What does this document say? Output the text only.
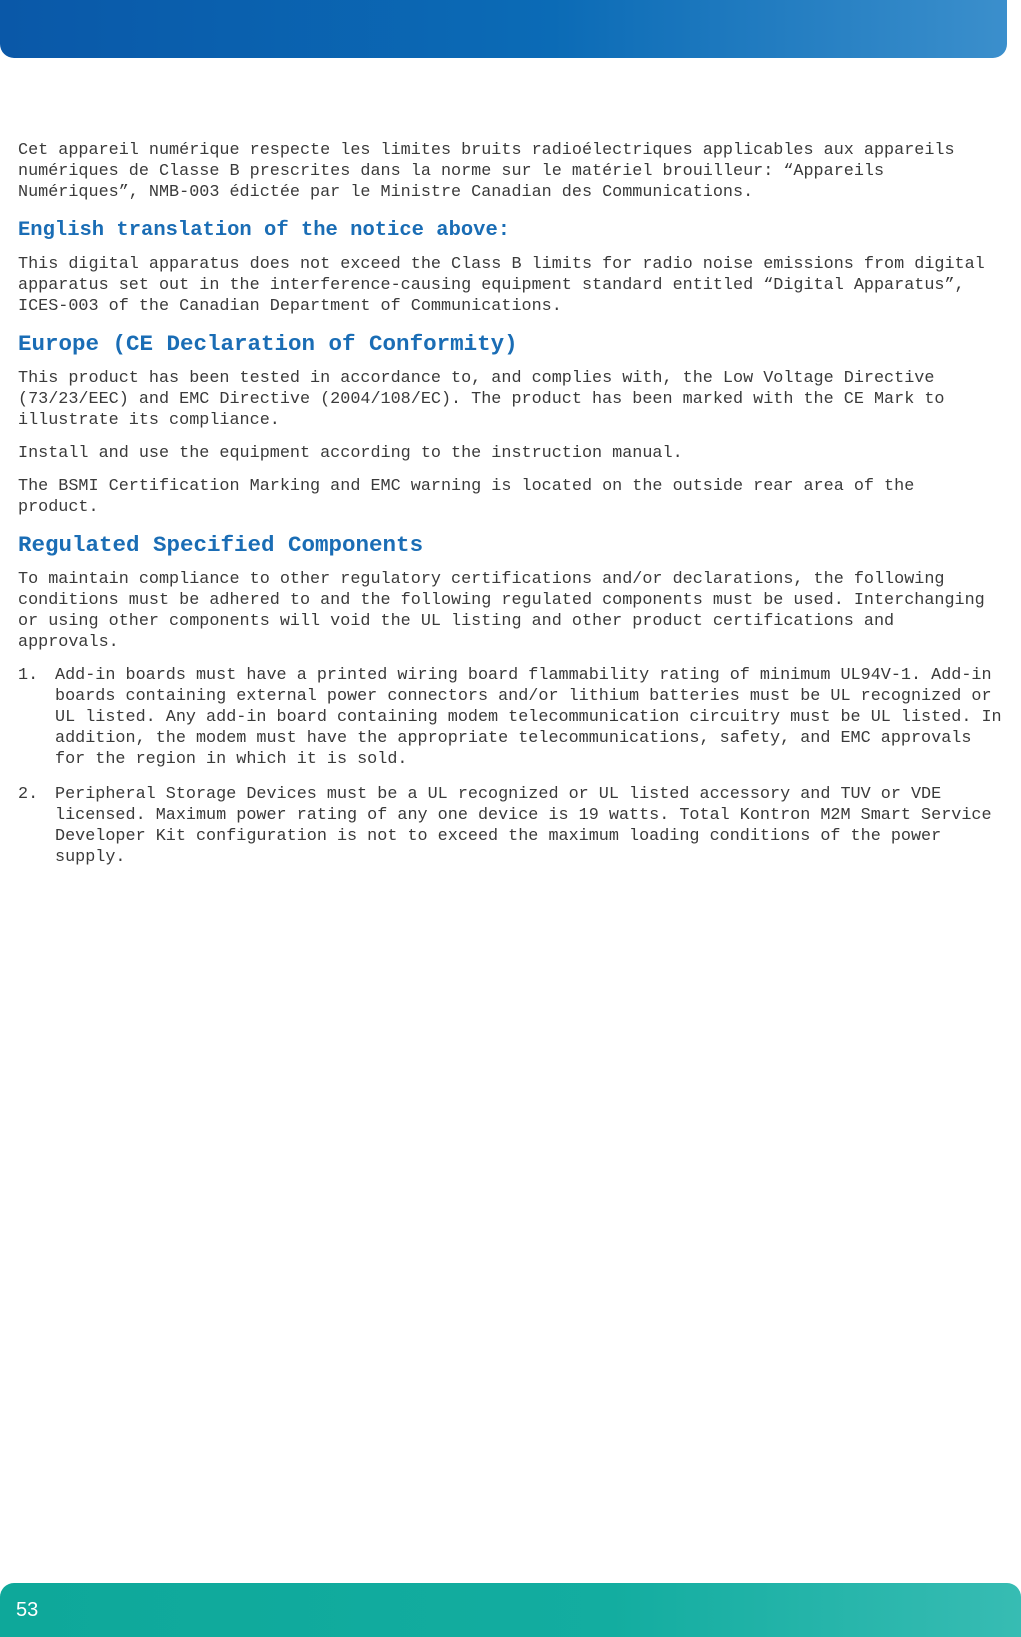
Cet appareil numérique respecte les limites bruits radioélectriques applicables aux appareils numériques de Classe B prescrites dans la norme sur le matériel brouilleur: “Appareils Numériques”, NMB-003 édictée par le Ministre Canadian des Communications.

English translation of the notice above:

This digital apparatus does not exceed the Class B limits for radio noise emissions from digital apparatus set out in the interference-causing equipment standard entitled “Digital Apparatus”, ICES-003 of the Canadian Department of Communications.

Europe (CE Declaration of Conformity)

This product has been tested in accordance to, and complies with, the Low Voltage Directive (73/23/EEC) and EMC Directive (2004/108/EC). The product has been marked with the CE Mark to illustrate its compliance.

Install and use the equipment according to the instruction manual.

The BSMI Certification Marking and EMC warning is located on the outside rear area of the product.

Regulated Specified Components

To maintain compliance to other regulatory certifications and/or declarations, the following conditions must be adhered to and the following regulated components must be used. Interchanging or using other components will void the UL listing and other product certifications and approvals.

1. Add-in boards must have a printed wiring board flammability rating of minimum UL94V-1. Add-in boards containing external power connectors and/or lithium batteries must be UL recognized or UL listed. Any add-in board containing modem telecommunication circuitry must be UL listed. In addition, the modem must have the appropriate telecommunications, safety, and EMC approvals for the region in which it is sold.
2. Peripheral Storage Devices must be a UL recognized or UL listed accessory and TUV or VDE licensed. Maximum power rating of any one device is 19 watts. Total Kontron M2M Smart Service Developer Kit configuration is not to exceed the maximum loading conditions of the power supply.
53
